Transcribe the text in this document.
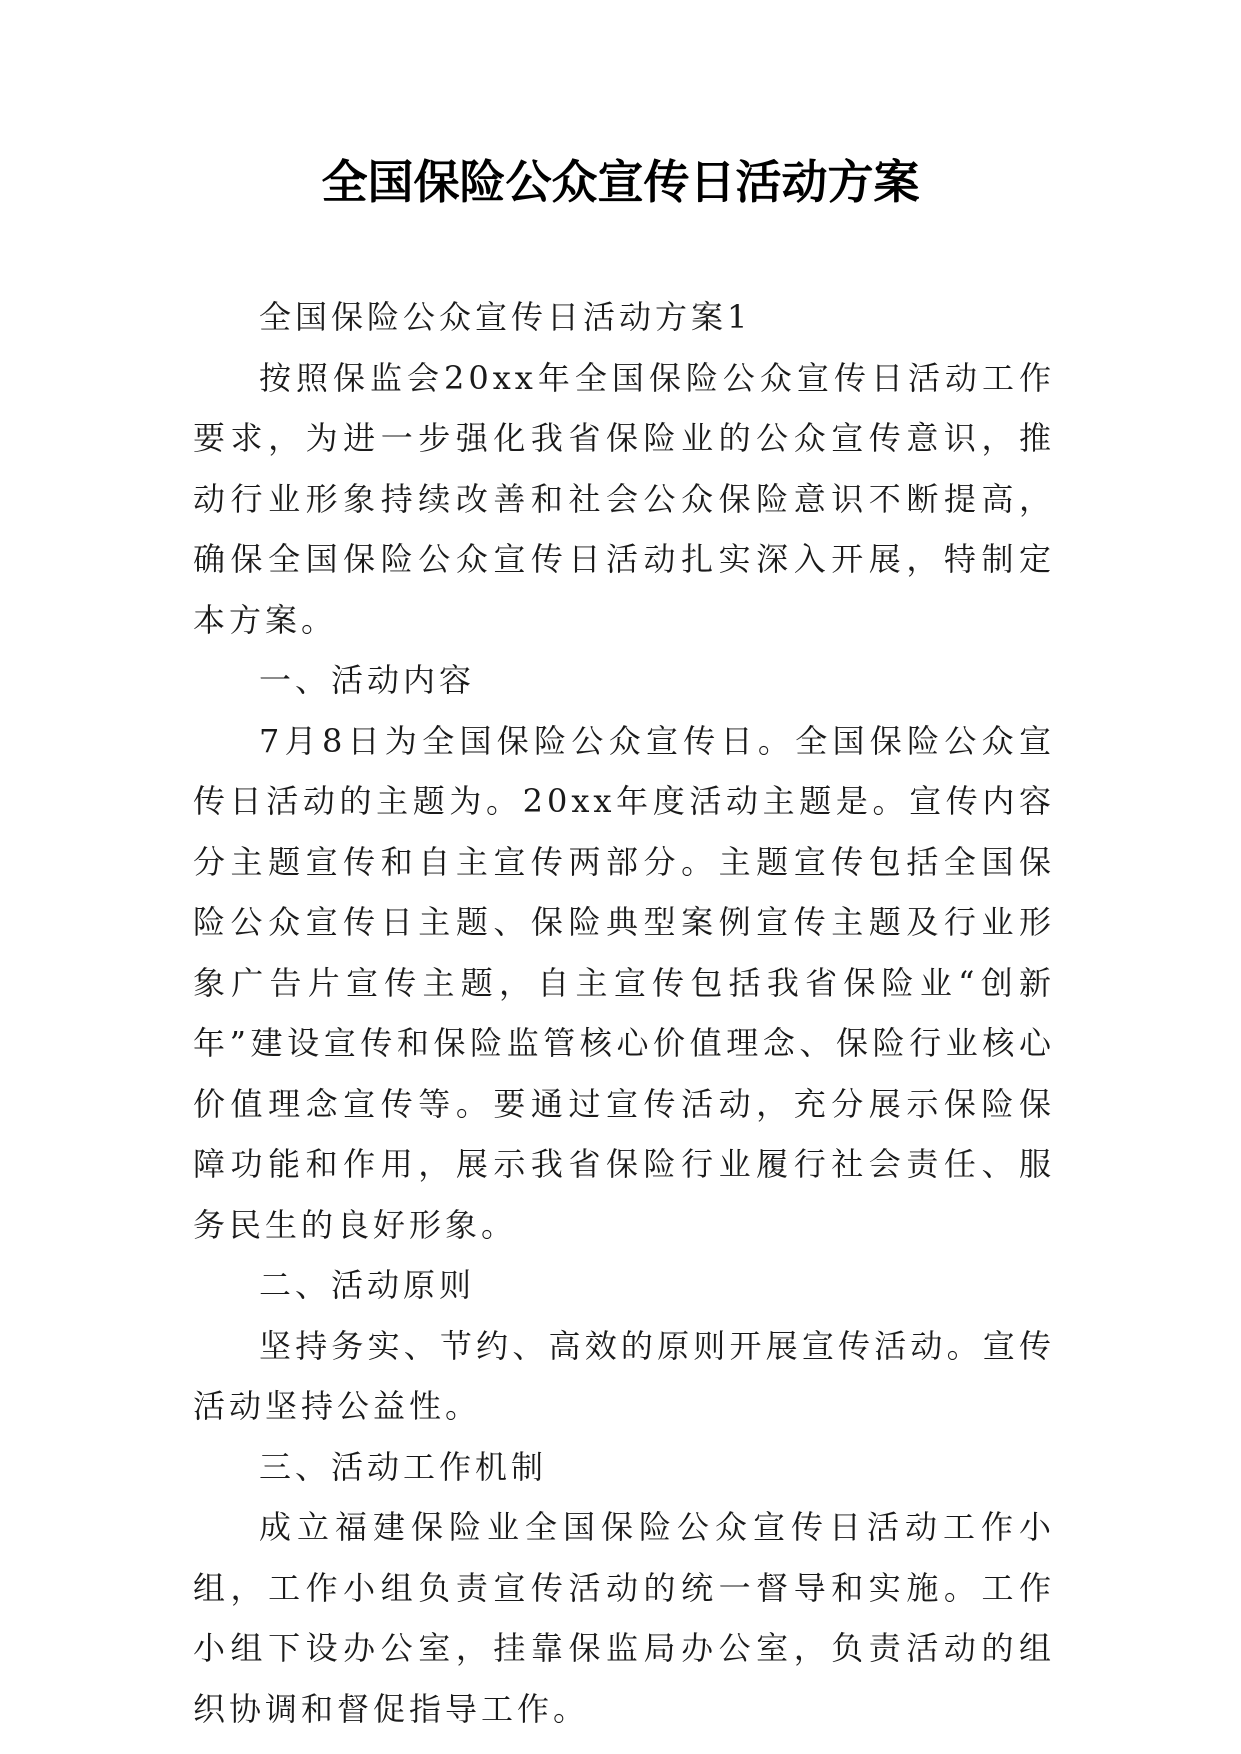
全国保险公众宣传日活动方案

全国保险公众宣传日活动方案1

按照保监会20xx年全国保险公众宣传日活动工作要求，为进一步强化我省保险业的公众宣传意识，推动行业形象持续改善和社会公众保险意识不断提高，确保全国保险公众宣传日活动扎实深入开展，特制定本方案。

一、活动内容

7月8日为全国保险公众宣传日。全国保险公众宣传日活动的主题为。20xx年度活动主题是。宣传内容分主题宣传和自主宣传两部分。主题宣传包括全国保险公众宣传日主题、保险典型案例宣传主题及行业形象广告片宣传主题，自主宣传包括我省保险业“创新年”建设宣传和保险监管核心价值理念、保险行业核心价值理念宣传等。要通过宣传活动，充分展示保险保障功能和作用，展示我省保险行业履行社会责任、服务民生的良好形象。

二、活动原则

坚持务实、节约、高效的原则开展宣传活动。宣传活动坚持公益性。

三、活动工作机制

成立福建保险业全国保险公众宣传日活动工作小组，工作小组负责宣传活动的统一督导和实施。工作小组下设办公室，挂靠保监局办公室，负责活动的组织协调和督促指导工作。
